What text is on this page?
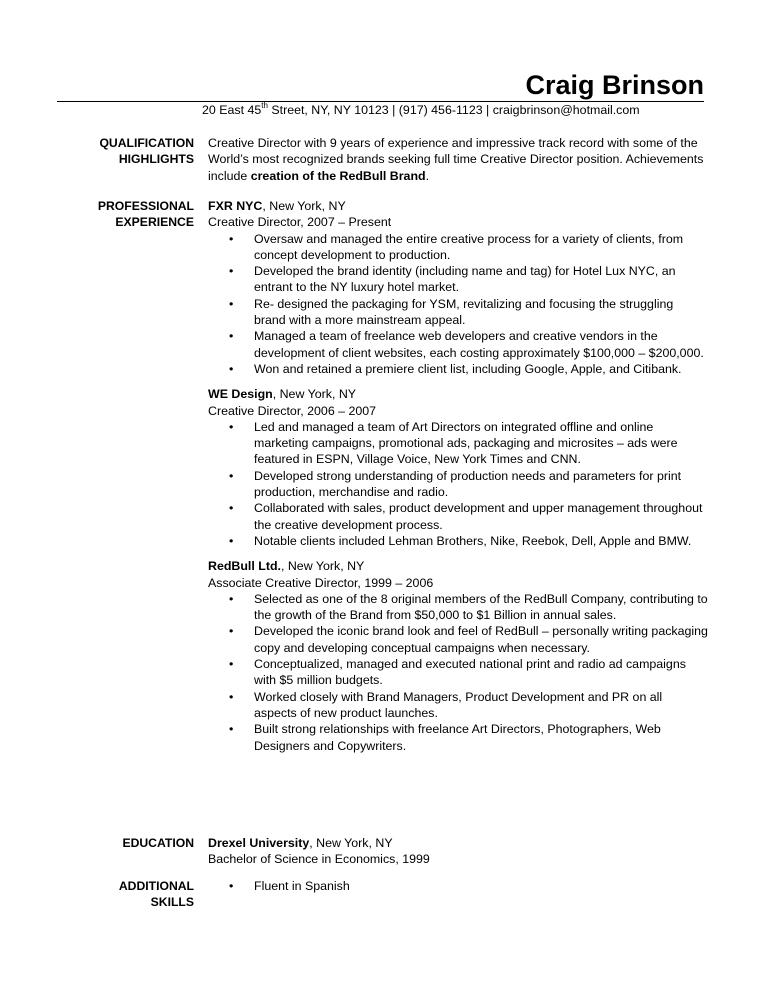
Craig Brinson
20 East 45th Street, NY, NY 10123 | (917) 456-1123 | craigbrinson@hotmail.com
QUALIFICATION
HIGHLIGHTS

Creative Director with 9 years of experience and impressive track record with some of the World’s most recognized brands seeking full time Creative Director position. Achievements include creation of the RedBull Brand.

PROFESSIONAL
EXPERIENCE

FXR NYC, New York, NY

Creative Director, 2007 – Present

• Oversaw and managed the entire creative process for a variety of clients, from concept development to production.
• Developed the brand identity (including name and tag) for Hotel Lux NYC, an entrant to the NY luxury hotel market.
• Re- designed the packaging for YSM, revitalizing and focusing the struggling brand with a more mainstream appeal.
• Managed a team of freelance web developers and creative vendors in the development of client websites, each costing approximately $100,000 – $200,000.
• Won and retained a premiere client list, including Google, Apple, and Citibank.

WE Design, New York, NY

Creative Director, 2006 – 2007

• Led and managed a team of Art Directors on integrated offline and online marketing campaigns, promotional ads, packaging and microsites – ads were featured in ESPN, Village Voice, New York Times and CNN.
• Developed strong understanding of production needs and parameters for print production, merchandise and radio.
• Collaborated with sales, product development and upper management throughout the creative development process.
• Notable clients included Lehman Brothers, Nike, Reebok, Dell, Apple and BMW.

RedBull Ltd., New York, NY

Associate Creative Director, 1999 – 2006

• Selected as one of the 8 original members of the RedBull Company, contributing to the growth of the Brand from $50,000 to $1 Billion in annual sales.
• Developed the iconic brand look and feel of RedBull – personally writing packaging copy and developing conceptual campaigns when necessary.
• Conceptualized, managed and executed national print and radio ad campaigns with $5 million budgets.
• Worked closely with Brand Managers, Product Development and PR on all aspects of new product launches.
• Built strong relationships with freelance Art Directors, Photographers, Web Designers and Copywriters.
EDUCATION Drexel University, New York, NY

Bachelor of Science in Economics, 1999

ADDITIONAL
SKILLS
• Fluent in Spanish
